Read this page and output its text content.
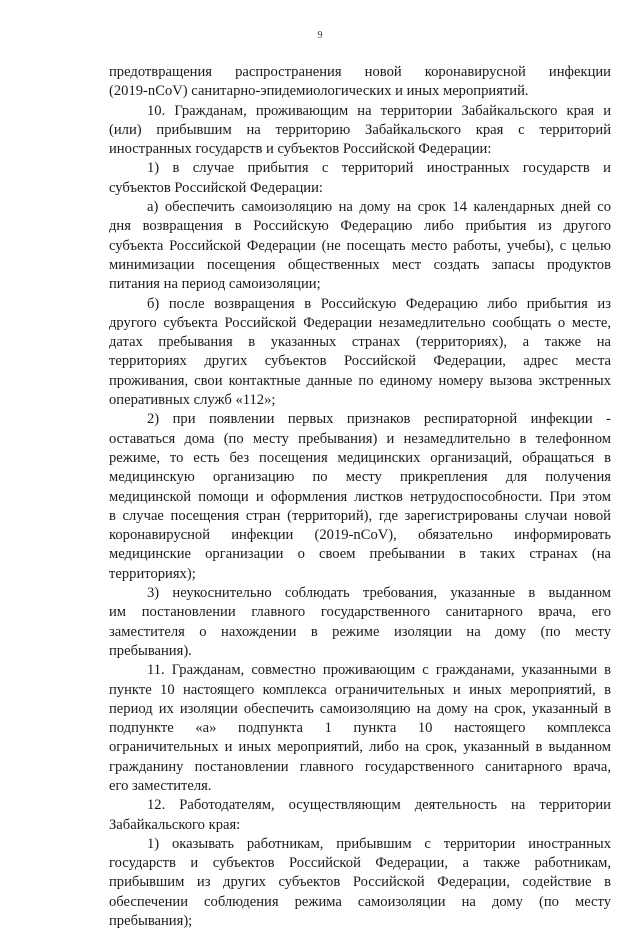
9

предотвращения распространения новой коронавирусной инфекции
(2019-nCoV) санитарно-эпидемиологических и иных мероприятий.

10. Гражданам, проживающим на территории Забайкальского края и
(или) прибывшим на территорию Забайкальского края с территорий
иностранных государств и субъектов Российской Федерации:

1) в случае прибытия с территорий иностранных государств и
субъектов Российской Федерации:

а) обеспечить самоизоляцию на дому на срок 14 календарных дней со
дня возвращения в Российскую Федерацию либо прибытия из другого
субъекта Российской Федерации (не посещать место работы, учебы), с целью
минимизации посещения общественных мест создать запасы продуктов
питания на период самоизоляции;

б) после возвращения в Российскую Федерацию либо прибытия из
другого субъекта Российской Федерации незамедлительно сообщать о месте,
датах пребывания в указанных странах (территориях), а также на
территориях других субъектов Российской Федерации, адрес места
проживания, свои контактные данные по единому номеру вызова экстренных
оперативных служб «112»;

2) при появлении первых признаков респираторной инфекции -
оставаться дома (по месту пребывания) и незамедлительно в телефонном
режиме, то есть без посещения медицинских организаций, обращаться в
медицинскую организацию по месту прикрепления для получения
медицинской помощи и оформления листков нетрудоспособности. При этом
в случае посещения стран (территорий), где зарегистрированы случаи новой
коронавирусной инфекции (2019-nCoV), обязательно информировать
медицинские организации о своем пребывании в таких странах (на
территориях);

3) неукоснительно соблюдать требования, указанные в выданном
им постановлении главного государственного санитарного врача, его
заместителя о нахождении в режиме изоляции на дому (по месту
пребывания).

11. Гражданам, совместно проживающим с гражданами, указанными в
пункте 10 настоящего комплекса ограничительных и иных мероприятий, в
период их изоляции обеспечить самоизоляцию на дому на срок, указанный в
подпункте «а» подпункта 1 пункта 10 настоящего комплекса
ограничительных и иных мероприятий, либо на срок, указанный в выданном
гражданину постановлении главного государственного санитарного врача,
его заместителя.

12. Работодателям, осуществляющим деятельность на территории
Забайкальского края:

1) оказывать работникам, прибывшим с территории иностранных
государств и субъектов Российской Федерации, а также работникам,
прибывшим из других субъектов Российской Федерации, содействие в
обеспечении соблюдения режима самоизоляции на дому (по месту
пребывания);
